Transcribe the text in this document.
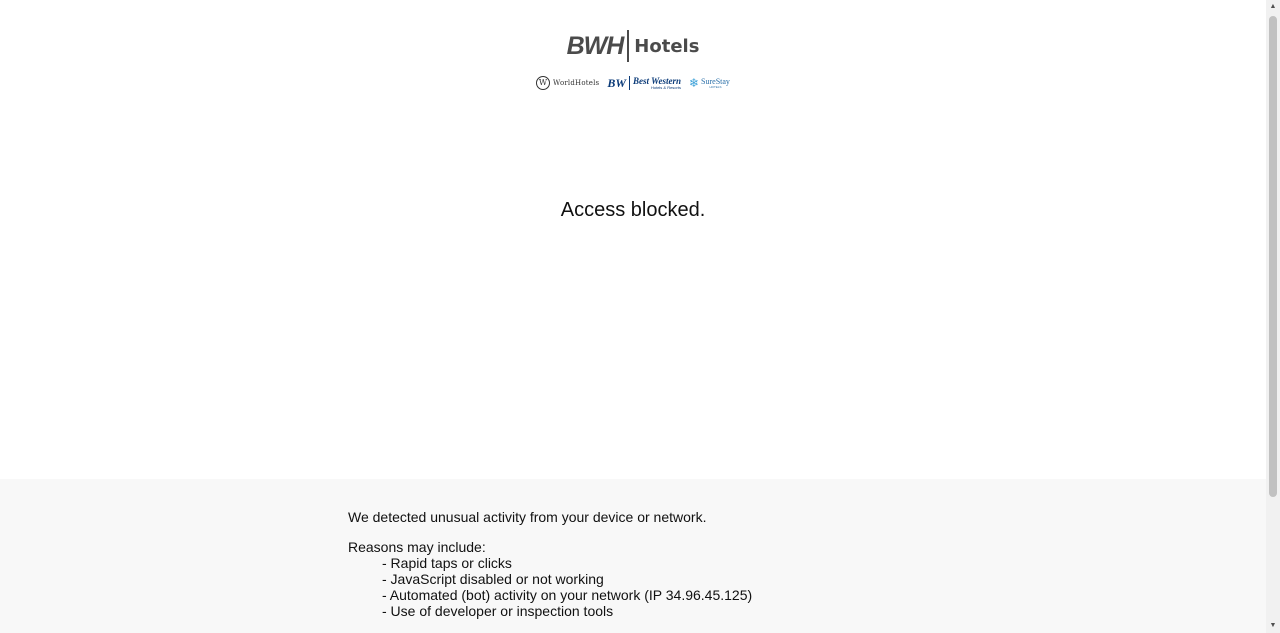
BWH Hotels
W WorldHotels BW Best Western
Hotels & Resorts ❄ SureStay
HOTELS
Access blocked.
We detected unusual activity from your device or network.
Reasons may include:
- Rapid taps or clicks
- JavaScript disabled or not working
- Automated (bot) activity on your network (IP 34.96.45.125)
- Use of developer or inspection tools
▲
▼
